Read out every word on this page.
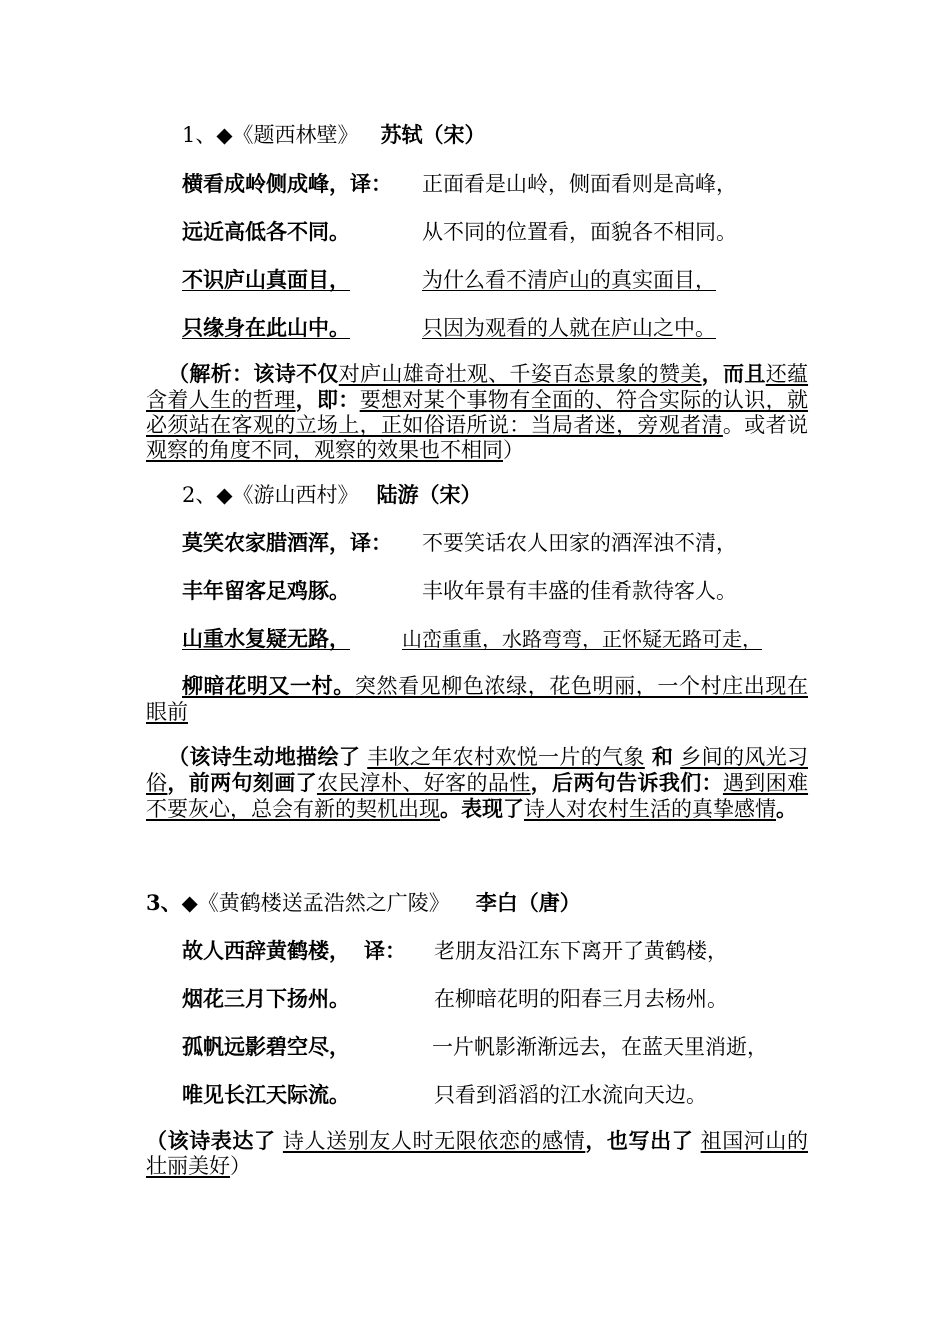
1、◆《题西林壁》 苏轼（宋）
横看成岭侧成峰，译： 正面看是山岭，侧面看则是高峰，
远近高低各不同。	从不同的位置看，面貌各不相同。
不识庐山真面目，	为什么看不清庐山的真实面目，
只缘身在此山中。	只因为观看的人就在庐山之中。
（解析：该诗不仅对庐山雄奇壮观、千姿百态景象的赞美，而且还蕴含着人生的哲理，即：要想对某个事物有全面的、符合实际的认识，就必须站在客观的立场上，正如俗语所说：当局者迷，旁观者清。或者说观察的角度不同，观察的效果也不相同）
2、◆《游山西村》 陆游（宋）
莫笑农家腊酒浑，译： 不要笑话农人田家的酒浑浊不清，
丰年留客足鸡豚。	丰收年景有丰盛的佳肴款待客人。
山重水复疑无路，	山峦重重，水路弯弯，正怀疑无路可走，
柳暗花明又一村。突然看见柳色浓绿，花色明丽，一个村庄出现在眼前
（该诗生动地描绘了 丰收之年农村欢悦一片的气象 和 乡间的风光习俗，前两句刻画了农民淳朴、好客的品性，后两句告诉我们：遇到困难不要灰心，总会有新的契机出现。表现了诗人对农村生活的真挚感情。
3、◆《黄鹤楼送孟浩然之广陵》 李白（唐）
故人西辞黄鹤楼， 译： 老朋友沿江东下离开了黄鹤楼，
烟花三月下扬州。	在柳暗花明的阳春三月去杨州。
孤帆远影碧空尽，	一片帆影渐渐远去，在蓝天里消逝，
唯见长江天际流。	只看到滔滔的江水流向天边。
（该诗表达了 诗人送别友人时无限依恋的感情，也写出了 祖国河山的壮丽美好）
